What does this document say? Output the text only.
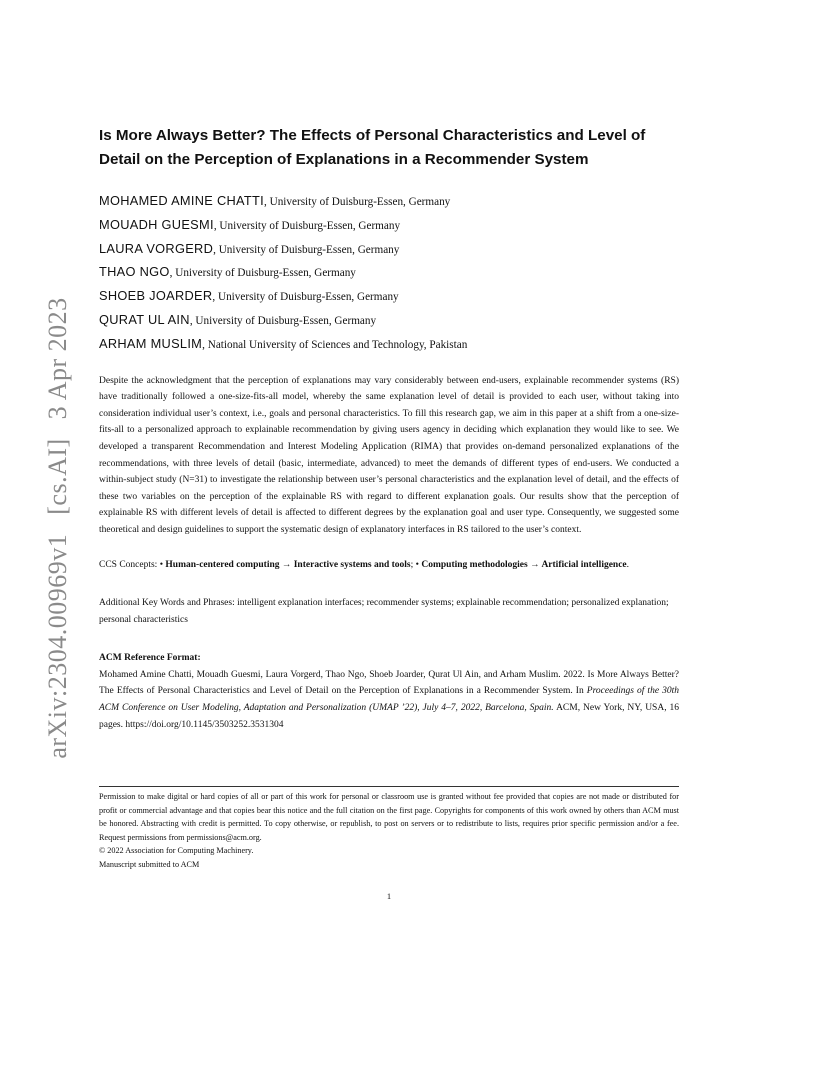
arXiv:2304.00969v1 [cs.AI] 3 Apr 2023
Is More Always Better? The Effects of Personal Characteristics and Level of Detail on the Perception of Explanations in a Recommender System
MOHAMED AMINE CHATTI, University of Duisburg-Essen, Germany
MOUADH GUESMI, University of Duisburg-Essen, Germany
LAURA VORGERD, University of Duisburg-Essen, Germany
THAO NGO, University of Duisburg-Essen, Germany
SHOEB JOARDER, University of Duisburg-Essen, Germany
QURAT UL AIN, University of Duisburg-Essen, Germany
ARHAM MUSLIM, National University of Sciences and Technology, Pakistan

Despite the acknowledgment that the perception of explanations may vary considerably between end-users, explainable recommender systems (RS) have traditionally followed a one-size-fits-all model, whereby the same explanation level of detail is provided to each user, without taking into consideration individual user’s context, i.e., goals and personal characteristics. To fill this research gap, we aim in this paper at a shift from a one-size-fits-all to a personalized approach to explainable recommendation by giving users agency in deciding which explanation they would like to see. We developed a transparent Recommendation and Interest Modeling Application (RIMA) that provides on-demand personalized explanations of the recommendations, with three levels of detail (basic, intermediate, advanced) to meet the demands of different types of end-users. We conducted a within-subject study (N=31) to investigate the relationship between user’s personal characteristics and the explanation level of detail, and the effects of these two variables on the perception of the explainable RS with regard to different explanation goals. Our results show that the perception of explainable RS with different levels of detail is affected to different degrees by the explanation goal and user type. Consequently, we suggested some theoretical and design guidelines to support the systematic design of explanatory interfaces in RS tailored to the user’s context.

CCS Concepts: • Human-centered computing → Interactive systems and tools; • Computing methodologies → Artificial intelligence.

Additional Key Words and Phrases: intelligent explanation interfaces; recommender systems; explainable recommendation; personalized explanation; personal characteristics

ACM Reference Format:

Mohamed Amine Chatti, Mouadh Guesmi, Laura Vorgerd, Thao Ngo, Shoeb Joarder, Qurat Ul Ain, and Arham Muslim. 2022. Is More Always Better? The Effects of Personal Characteristics and Level of Detail on the Perception of Explanations in a Recommender System. In Proceedings of the 30th ACM Conference on User Modeling, Adaptation and Personalization (UMAP ’22), July 4–7, 2022, Barcelona, Spain. ACM, New York, NY, USA, 16 pages. https://doi.org/10.1145/3503252.3531304

Permission to make digital or hard copies of all or part of this work for personal or classroom use is granted without fee provided that copies are not made or distributed for profit or commercial advantage and that copies bear this notice and the full citation on the first page. Copyrights for components of this work owned by others than ACM must be honored. Abstracting with credit is permitted. To copy otherwise, or republish, to post on servers or to redistribute to lists, requires prior specific permission and/or a fee. Request permissions from permissions@acm.org.

© 2022 Association for Computing Machinery.

Manuscript submitted to ACM

1
